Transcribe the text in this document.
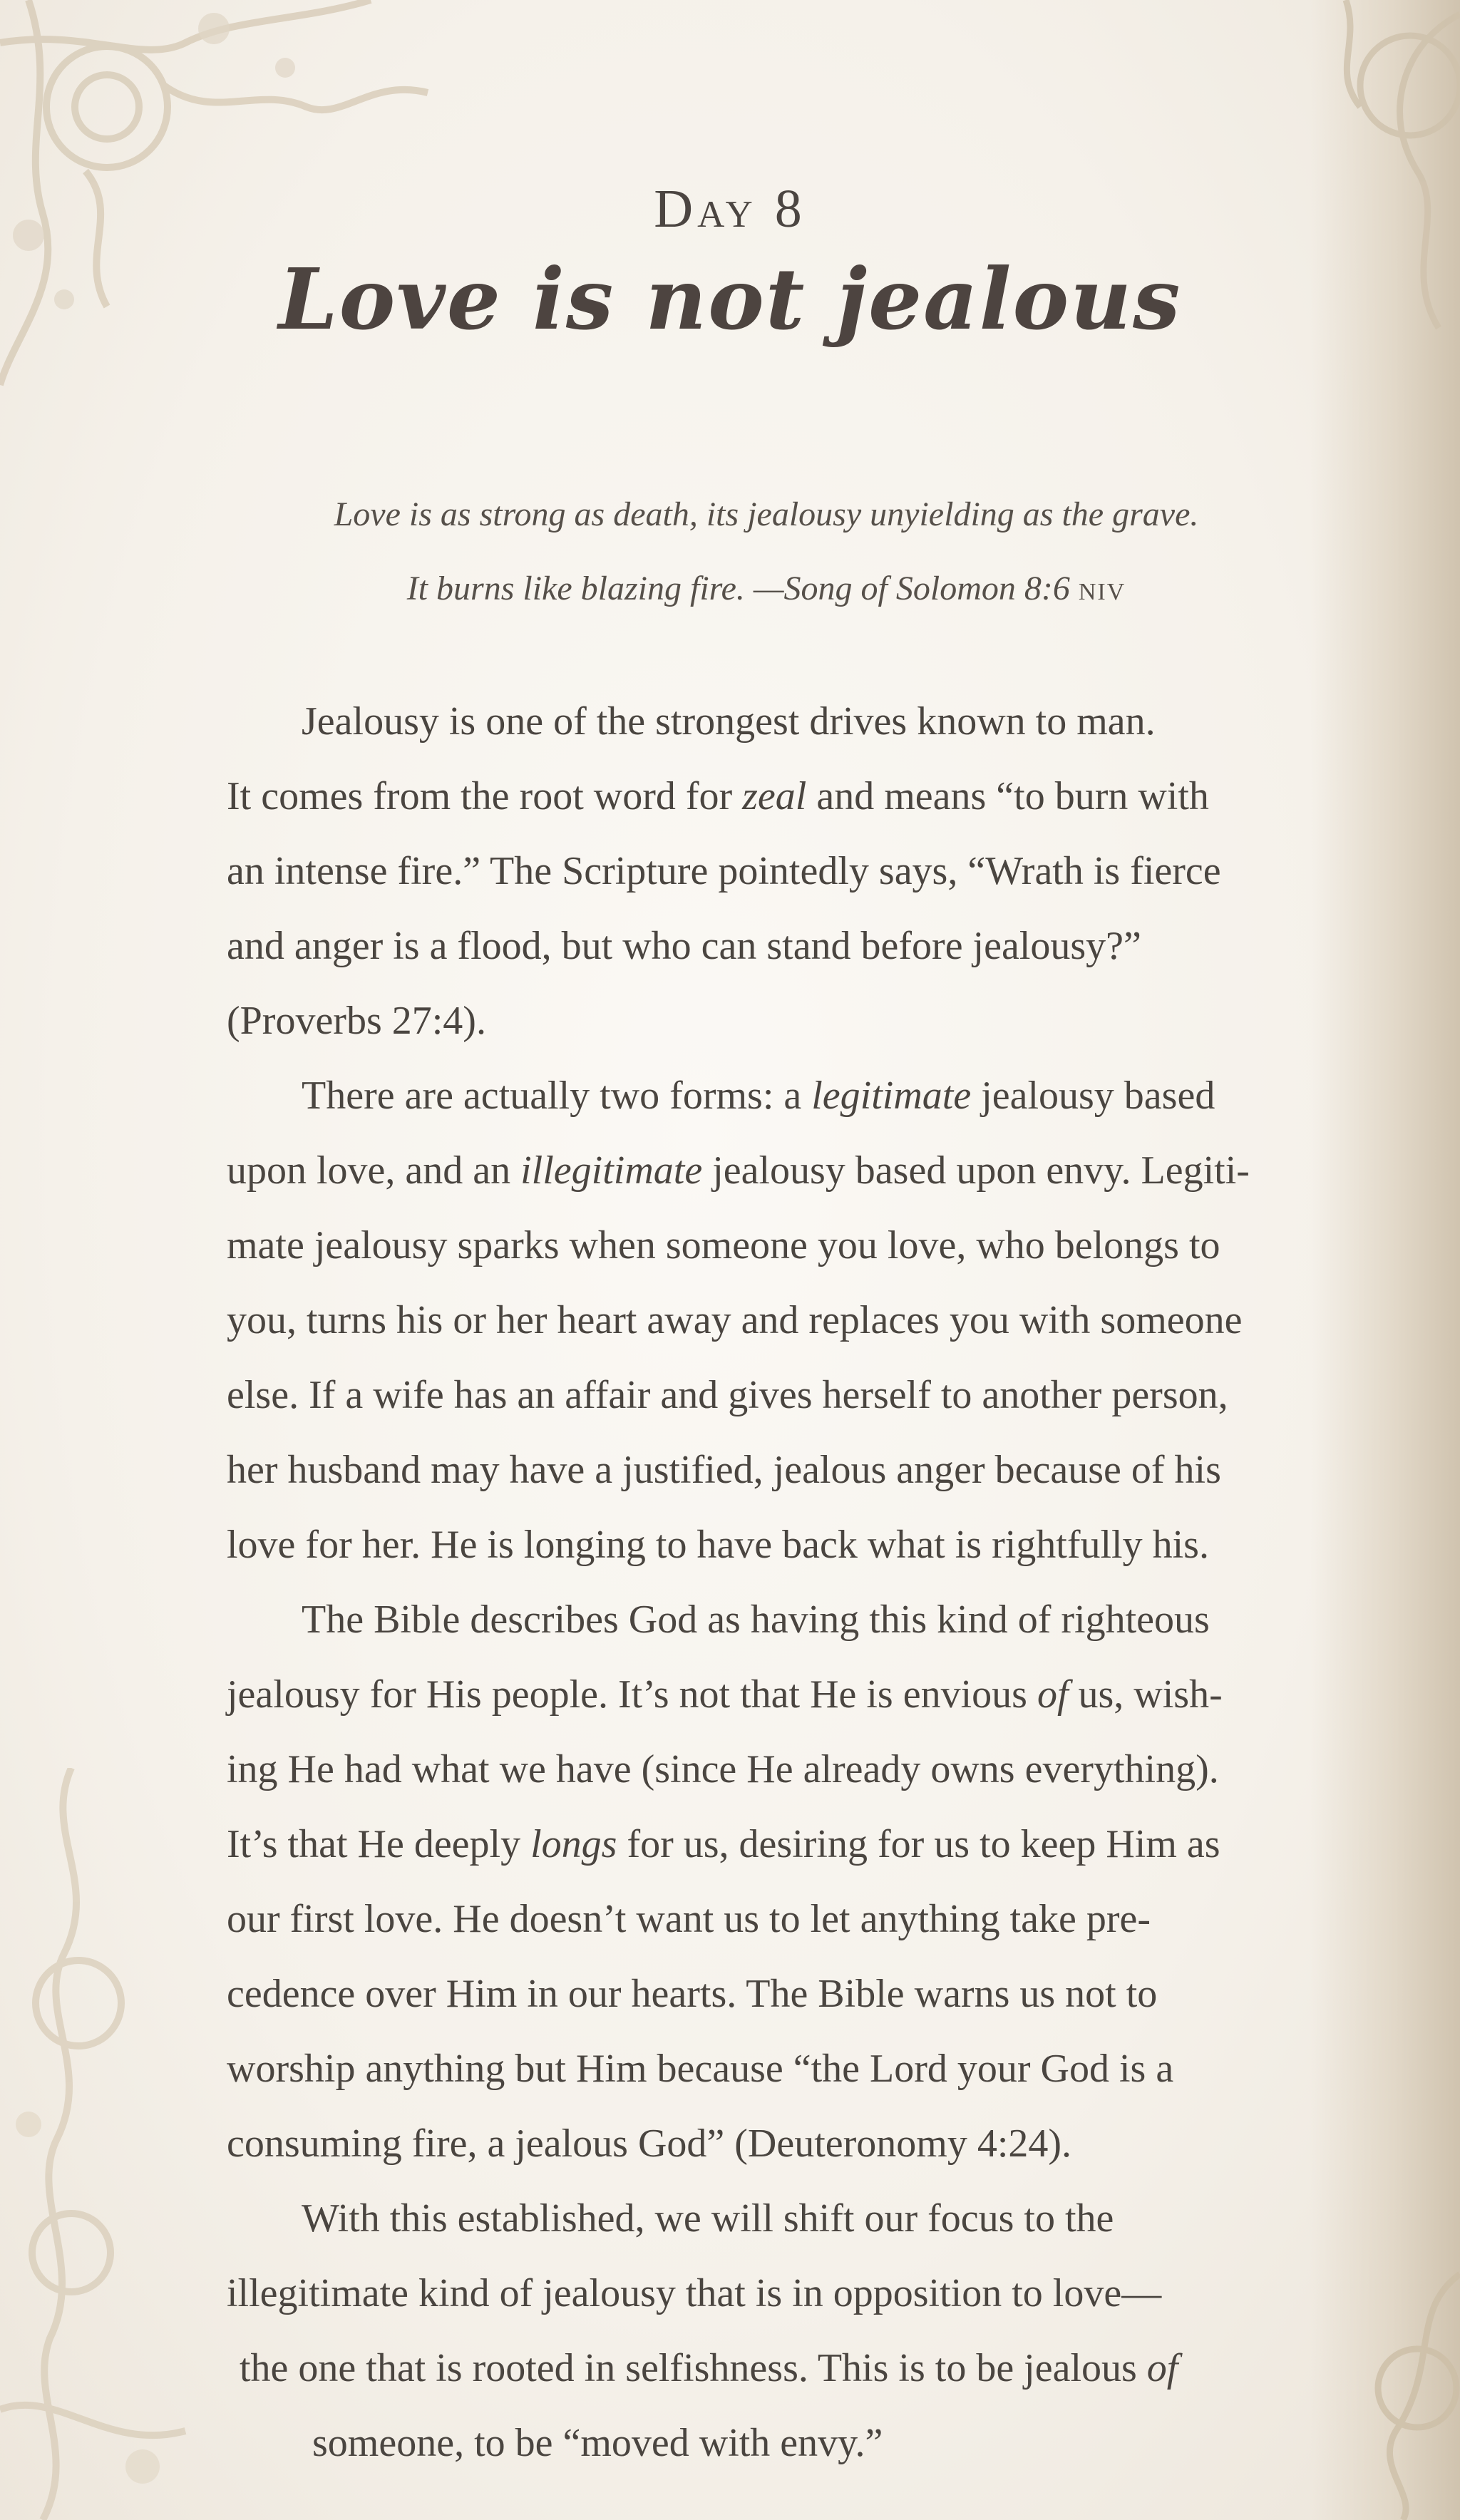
Day 8
Love is not jealous
Love is as strong as death, its jealousy unyielding as the grave.
It burns like blazing fire. —Song of Solomon 8:6 NIV
Jealousy is one of the strongest drives known to man.
It comes from the root word for zeal and means “to burn with
an intense fire.” The Scripture pointedly says, “Wrath is fierce
and anger is a flood, but who can stand before jealousy?”
(Proverbs 27:4).
There are actually two forms: a legitimate jealousy based
upon love, and an illegitimate jealousy based upon envy. Legiti-
mate jealousy sparks when someone you love, who belongs to
you, turns his or her heart away and replaces you with someone
else. If a wife has an affair and gives herself to another person,
her husband may have a justified, jealous anger because of his
love for her. He is longing to have back what is rightfully his.
The Bible describes God as having this kind of righteous
jealousy for His people. It’s not that He is envious of us, wish-
ing He had what we have (since He already owns everything).
It’s that He deeply longs for us, desiring for us to keep Him as
our first love. He doesn’t want us to let anything take pre-
cedence over Him in our hearts. The Bible warns us not to
worship anything but Him because “the Lord your God is a
consuming fire, a jealous God” (Deuteronomy 4:24).
With this established, we will shift our focus to the
illegitimate kind of jealousy that is in opposition to love—
the one that is rooted in selfishness. This is to be jealous of
someone, to be “moved with envy.”
